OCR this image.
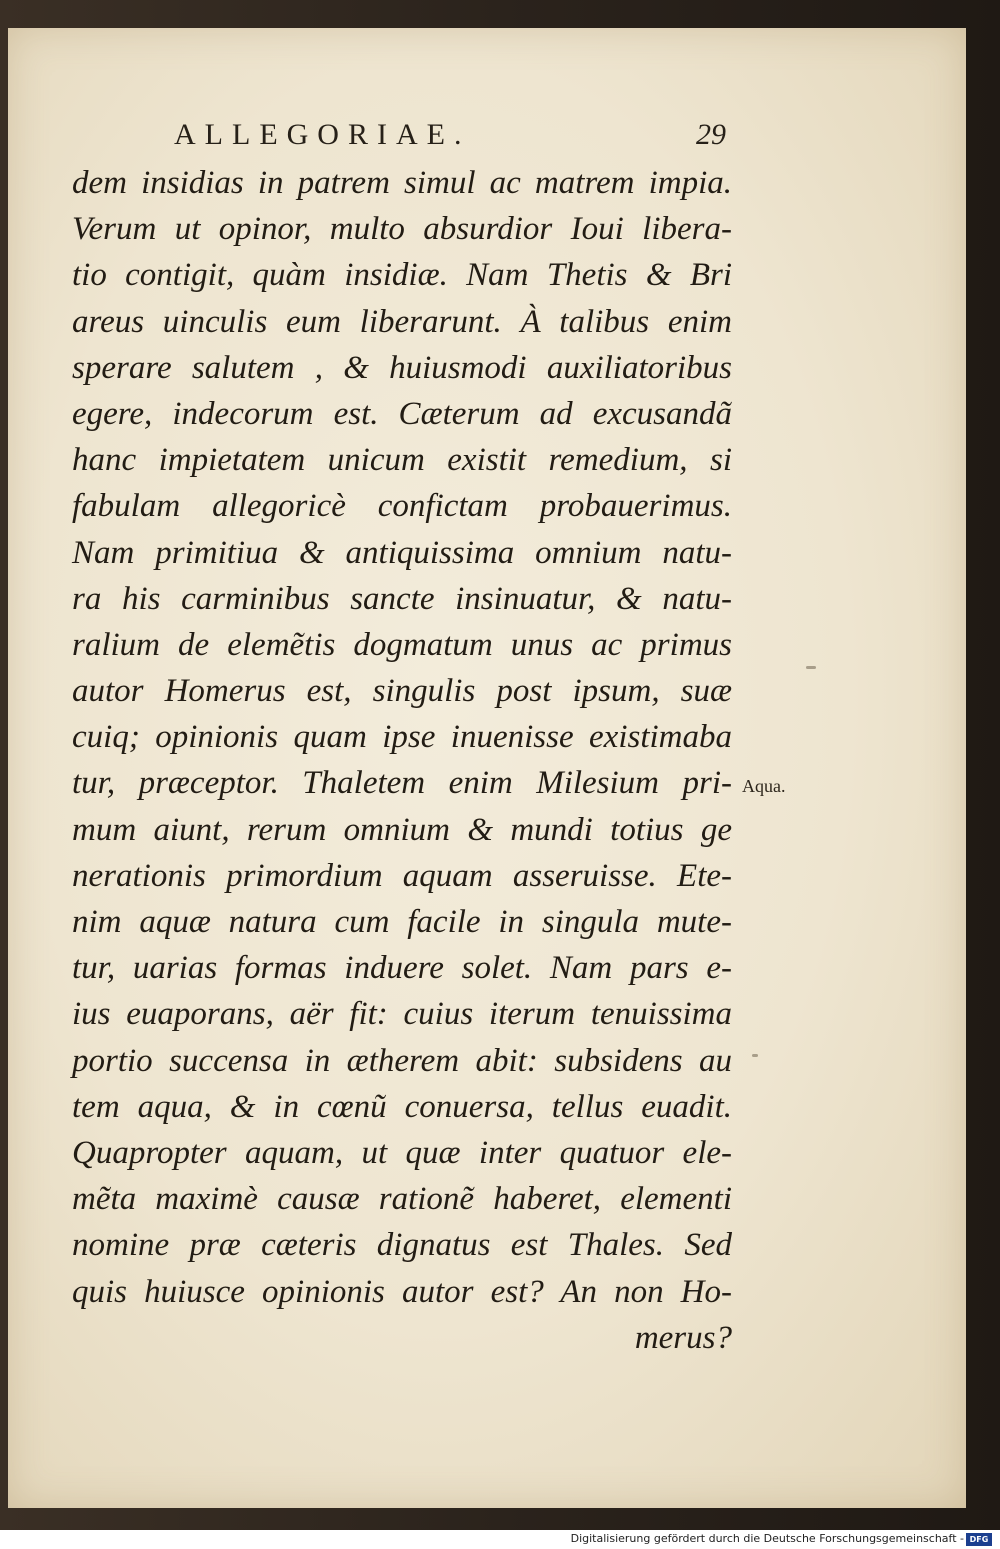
ALLEGORIAE.	29
dem insidias in patrem simul ac matrem impia.
Verum ut opinor, multo absurdior Ioui libera-
tio contigit, quàm insidiæ. Nam Thetis & Bri
areus uinculis eum liberarunt. À talibus enim
sperare salutem , & huiusmodi auxiliatoribus
egere, indecorum est. Cæterum ad excusandã
hanc impietatem unicum existit remedium, si
fabulam allegoricè confictam probauerimus.
Nam primitiua & antiquissima omnium natu-
ra his carminibus sancte insinuatur, & natu-
ralium de elemẽtis dogmatum unus ac primus
autor Homerus est, singulis post ipsum, suæ
cuiq; opinionis quam ipse inuenisse existimaba
tur, præceptor. Thaletem enim Milesium pri-
mum aiunt, rerum omnium & mundi totius ge
nerationis primordium aquam asseruisse. Ete-
nim aquæ natura cum facile in singula mute-
tur, uarias formas induere solet. Nam pars e-
ius euaporans, aër fit: cuius iterum tenuissima
portio succensa in ætherem abit: subsidens au
tem aqua, & in cœnũ conuersa, tellus euadit.
Quapropter aquam, ut quæ inter quatuor ele-
mẽta maximè causæ rationẽ haberet, elementi
nomine præ cæteris dignatus est Thales. Sed
quis huiusce opinionis autor est? An non Ho-
merus?
Aqua.
Digitalisierung gefördert durch die Deutsche Forschungsgemeinschaft - DFG
